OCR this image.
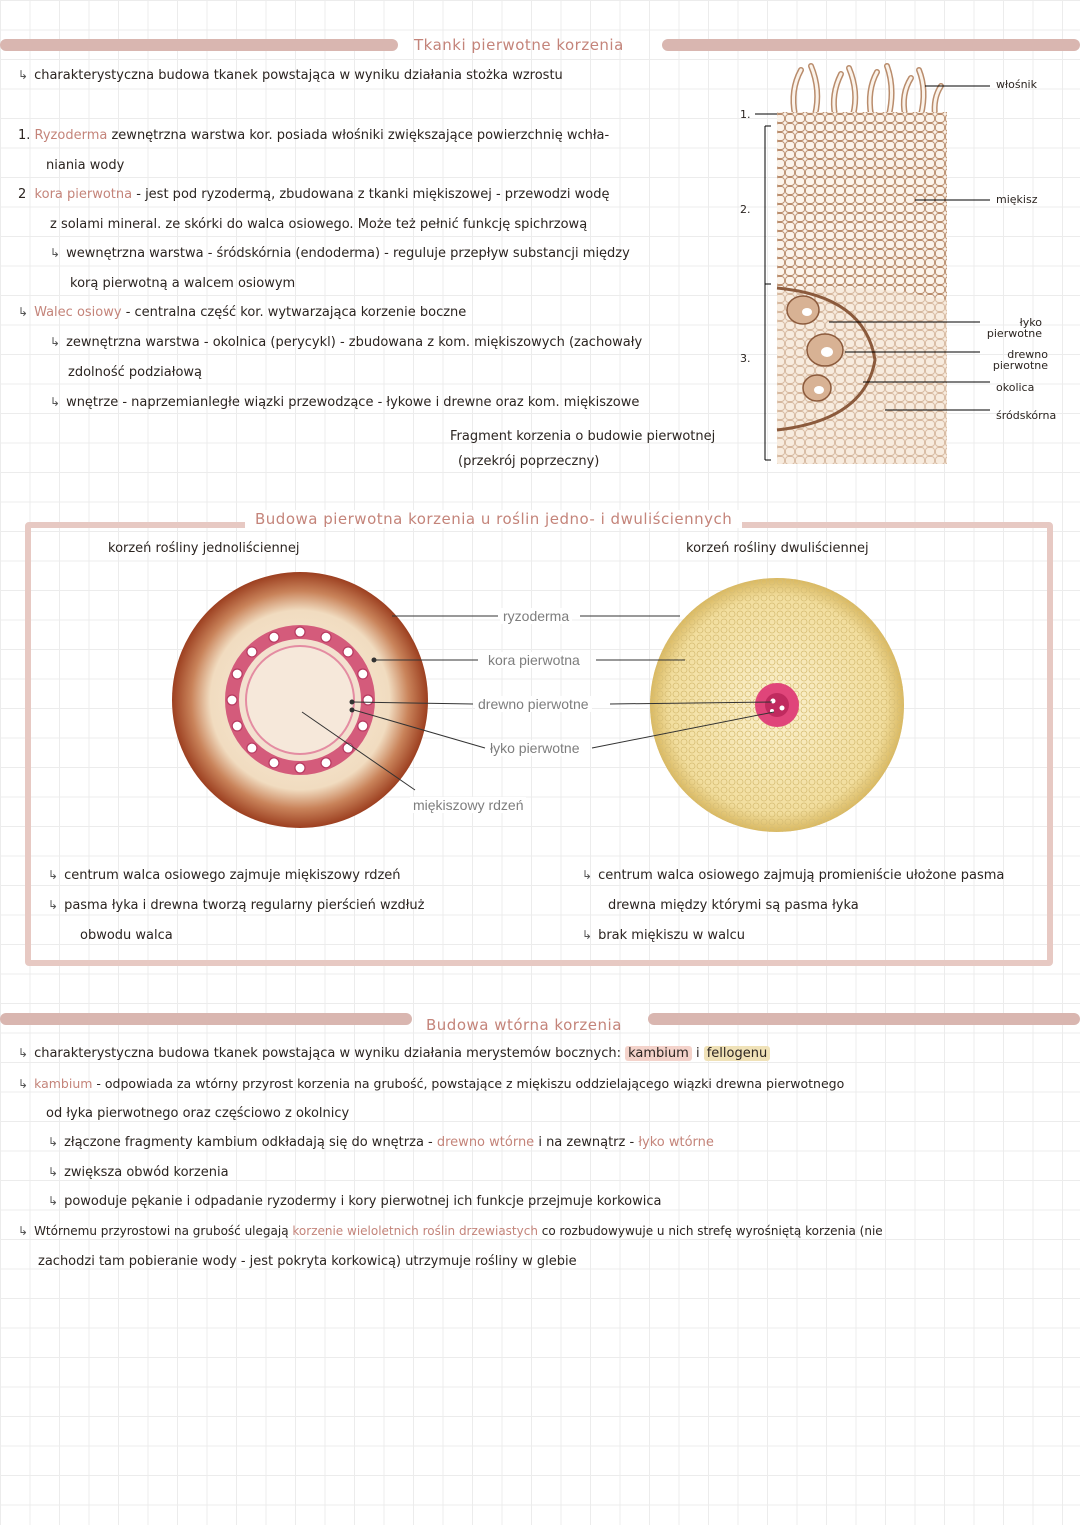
Tkanki pierwotne korzenia
↳ charakterystyczna budowa tkanek powstająca w wyniku działania stożka wzrostu
1. Ryzoderma zewnętrzna warstwa kor. posiada włośniki zwiększające powierzchnię wchła-
niania wody
2 kora pierwotna - jest pod ryzodermą, zbudowana z tkanki miękiszowej - przewodzi wodę
z solami mineral. ze skórki do walca osiowego. Może też pełnić funkcję spichrzową
↳ wewnętrzna warstwa - śródskórnia (endoderma) - reguluje przepływ substancji między
korą pierwotną a walcem osiowym
↳ Walec osiowy - centralna część kor. wytwarzająca korzenie boczne
↳ zewnętrzna warstwa - okolnica (perycykl) - zbudowana z kom. miękiszowych (zachowały
zdolność podziałową
↳ wnętrze - naprzemianległe wiązki przewodzące - łykowe i drewne oraz kom. miękiszowe
Fragment korzenia o budowie pierwotnej
(przekrój poprzeczny)
1.
2.
3.
włośnik
miękisz
łyko
pierwotne
drewno
pierwotne
okolica
śródskórna
Budowa pierwotna korzenia u roślin jedno- i dwuliściennych
korzeń rośliny jednoliściennej	korzeń rośliny dwuliściennej
ryzoderma
kora pierwotna
drewno pierwotne
łyko pierwotne
miękiszowy rdzeń
↳ centrum walca osiowego zajmuje miękiszowy rdzeń
↳ pasma łyka i drewna tworzą regularny pierścień wzdłuż
obwodu walca
↳ centrum walca osiowego zajmują promieniście ułożone pasma
drewna między którymi są pasma łyka
↳ brak miękiszu w walcu
Budowa wtórna korzenia
↳ charakterystyczna budowa tkanek powstająca w wyniku działania merystemów bocznych: kambium i fellogenu
↳ kambium - odpowiada za wtórny przyrost korzenia na grubość, powstające z miękiszu oddzielającego wiązki drewna pierwotnego
od łyka pierwotnego oraz częściowo z okolnicy
↳ złączone fragmenty kambium odkładają się do wnętrza - drewno wtórne i na zewnątrz - łyko wtórne
↳ zwiększa obwód korzenia
↳ powoduje pękanie i odpadanie ryzodermy i kory pierwotnej ich funkcje przejmuje korkowica
↳ Wtórnemu przyrostowi na grubość ulegają korzenie wieloletnich roślin drzewiastych co rozbudowywuje u nich strefę wyrośniętą korzenia (nie
zachodzi tam pobieranie wody - jest pokryta korkowicą) utrzymuje rośliny w glebie
